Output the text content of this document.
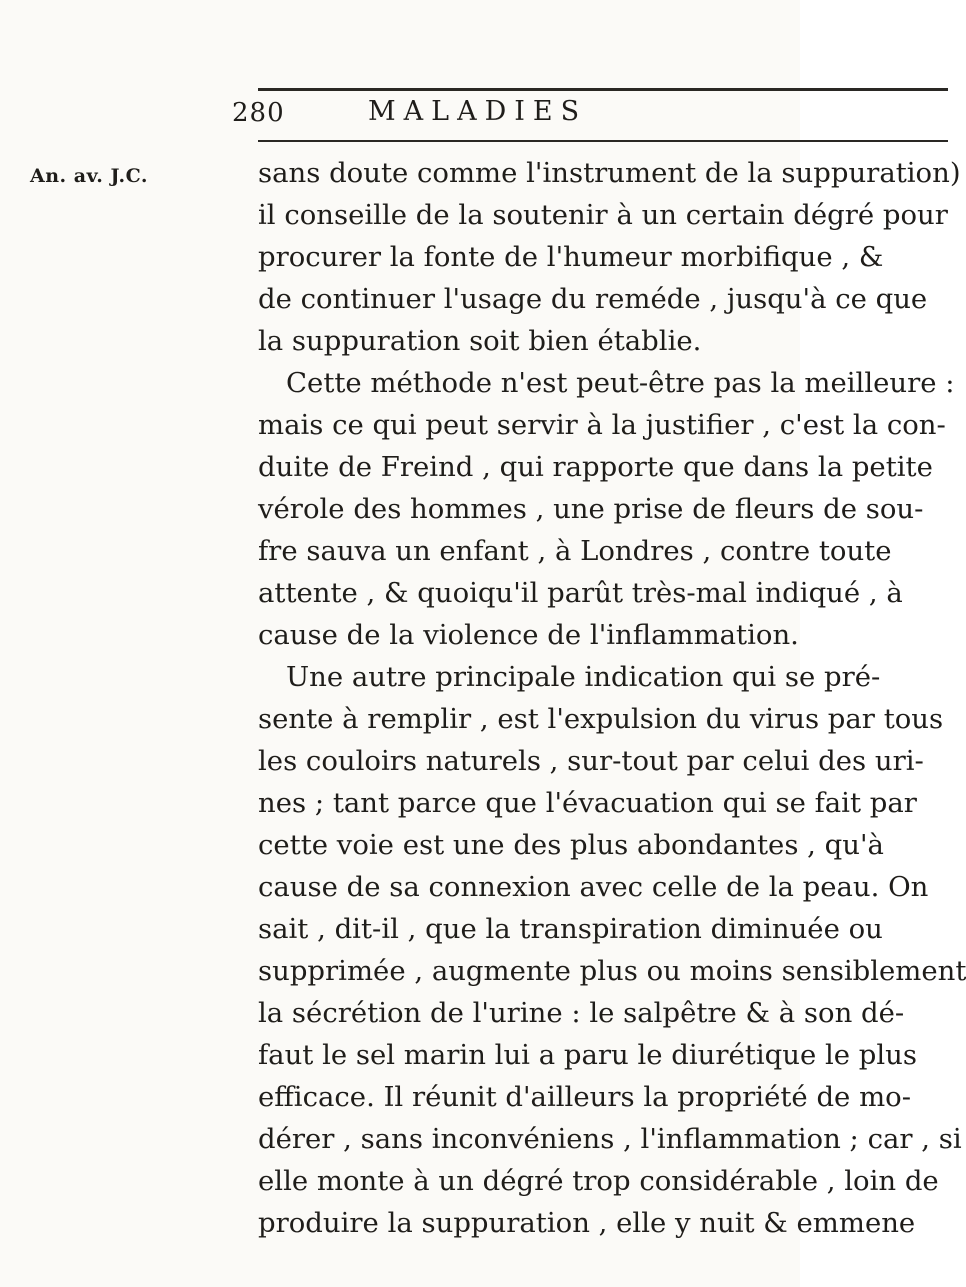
280	MALADIES
An. av. J.C.	sans doute comme l'instrument de la suppuration)
il conseille de la soutenir à un certain dégré pour
procurer la fonte de l'humeur morbifique , &
de continuer l'usage du reméde , jusqu'à ce que
la suppuration soit bien établie.
Cette méthode n'est peut-être pas la meilleure :
mais ce qui peut servir à la justifier , c'est la con-
duite de Freind , qui rapporte que dans la petite
vérole des hommes , une prise de fleurs de sou-
fre sauva un enfant , à Londres , contre toute
attente , & quoiqu'il parût très-mal indiqué , à
cause de la violence de l'inflammation.
Une autre principale indication qui se pré-
sente à remplir , est l'expulsion du virus par tous
les couloirs naturels , sur-tout par celui des uri-
nes ; tant parce que l'évacuation qui se fait par
cette voie est une des plus abondantes , qu'à
cause de sa connexion avec celle de la peau. On
sait , dit-il , que la transpiration diminuée ou
supprimée , augmente plus ou moins sensiblement
la sécrétion de l'urine : le salpêtre & à son dé-
faut le sel marin lui a paru le diurétique le plus
efficace. Il réunit d'ailleurs la propriété de mo-
dérer , sans inconvéniens , l'inflammation ; car , si
elle monte à un dégré trop considérable , loin de
produire la suppuration , elle y nuit & emmene
